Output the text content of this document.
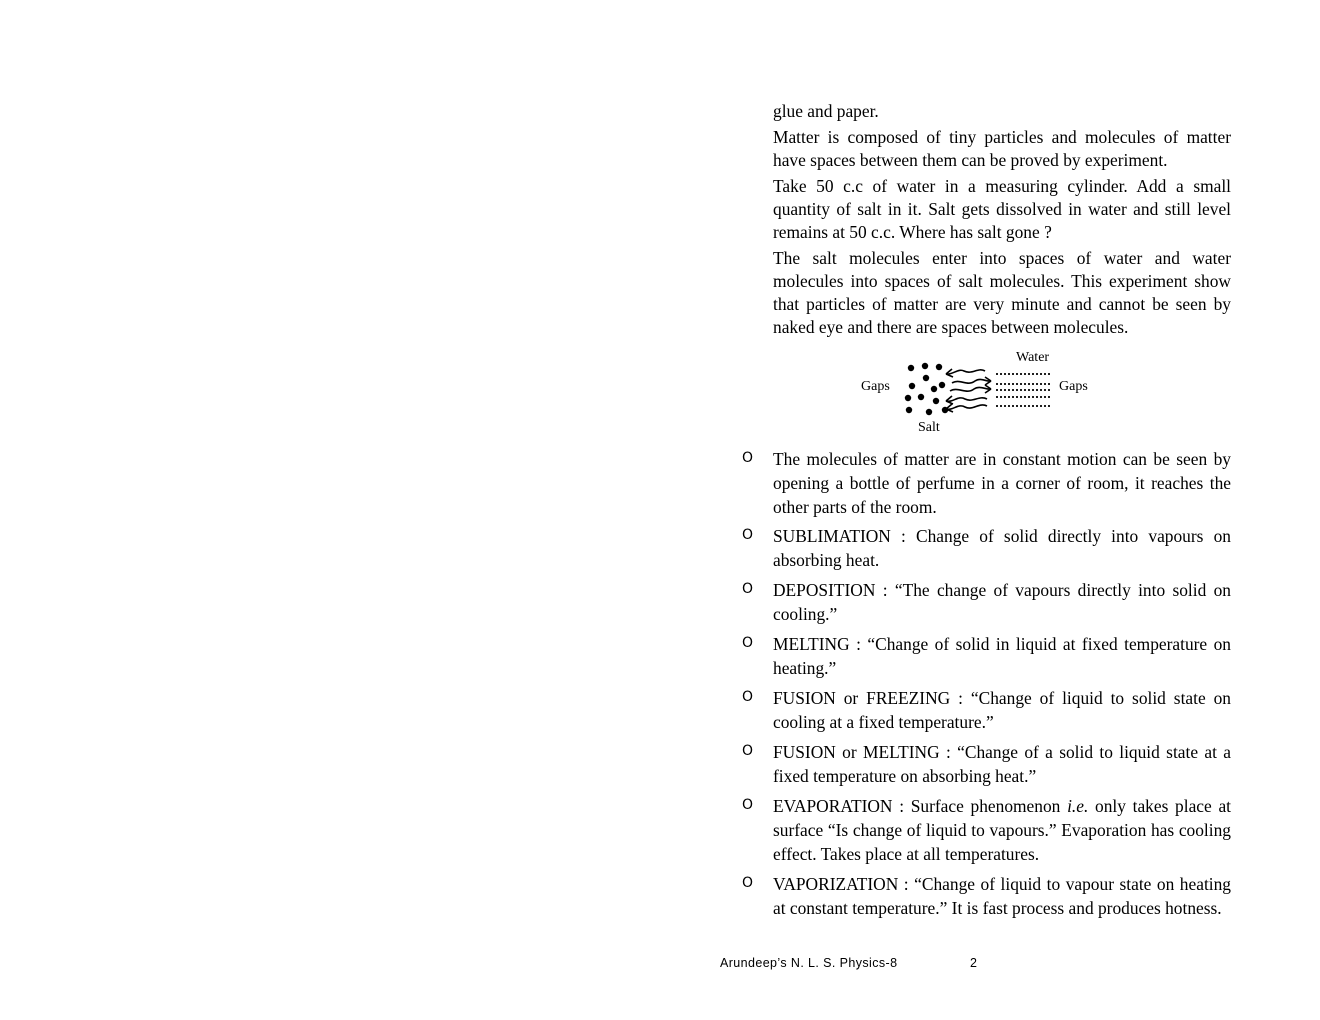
glue and paper.

Matter is composed of tiny particles and molecules of matter have spaces between them can be proved by experiment.

Take 50 c.c of water in a measuring cylinder. Add a small quantity of salt in it. Salt gets dissolved in water and still level remains at 50 c.c. Where has salt gone ?

The salt molecules enter into spaces of water and water molecules into spaces of salt molecules. This experiment show that particles of matter are very minute and cannot be seen by naked eye and there are spaces between molecules.

Water
Gaps	Gaps
Salt
O The molecules of matter are in constant motion can be seen by opening a bottle of perfume in a corner of room, it reaches the other parts of the room.
O SUBLIMATION : Change of solid directly into vapours on absorbing heat.
O DEPOSITION : “The change of vapours directly into solid on cooling.”
O MELTING : “Change of solid in liquid at fixed temperature on heating.”
O FUSION or FREEZING : “Change of liquid to solid state on cooling at a fixed temperature.”
O FUSION or MELTING : “Change of a solid to liquid state at a fixed temperature on absorbing heat.”
O EVAPORATION : Surface phenomenon i.e. only takes place at surface “Is change of liquid to vapours.” Evaporation has cooling effect. Takes place at all temperatures.
O VAPORIZATION : “Change of liquid to vapour state on heating at constant temperature.” It is fast process and produces hotness.
Arundeep’s N. L. S. Physics-8	2
